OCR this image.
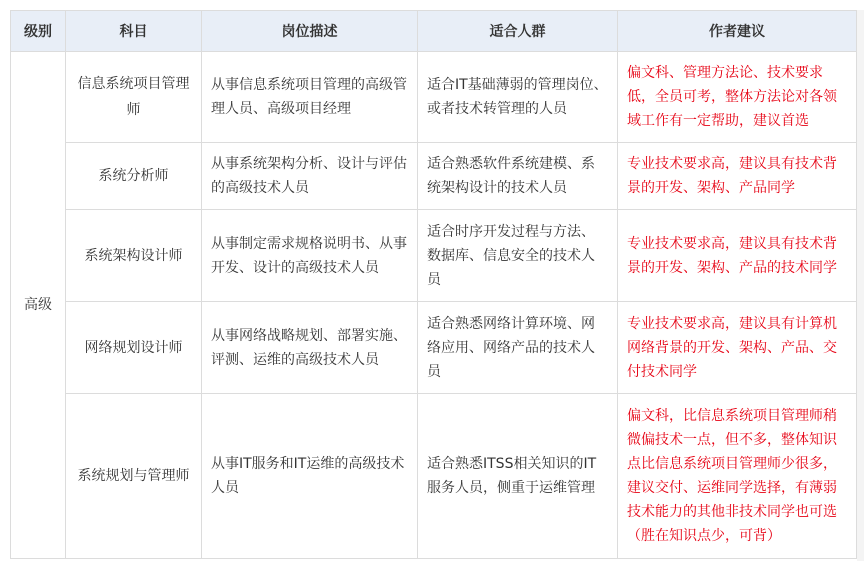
级别	科目	岗位描述	适合人群	作者建议
高级	信息系统项目管理师	从事信息系统项目管理的高级管理人员、高级项目经理	适合IT基础薄弱的管理岗位、或者技术转管理的人员	偏文科、管理方法论、技术要求低，全员可考，整体方法论对各领域工作有一定帮助，建议首选
	系统分析师	从事系统架构分析、设计与评估的高级技术人员	适合熟悉软件系统建模、系统架构设计的技术人员	专业技术要求高，建议具有技术背景的开发、架构、产品同学
	系统架构设计师	从事制定需求规格说明书、从事开发、设计的高级技术人员	适合时序开发过程与方法、数据库、信息安全的技术人员	专业技术要求高，建议具有技术背景的开发、架构、产品的技术同学
	网络规划设计师	从事网络战略规划、部署实施、评测、运维的高级技术人员	适合熟悉网络计算环境、网络应用、网络产品的技术人员	专业技术要求高，建议具有计算机网络背景的开发、架构、产品、交付技术同学
	系统规划与管理师	从事IT服务和IT运维的高级技术人员	适合熟悉ITSS相关知识的IT服务人员，侧重于运维管理	偏文科，比信息系统项目管理师稍微偏技术一点，但不多，整体知识点比信息系统项目管理师少很多，建议交付、运维同学选择，有薄弱技术能力的其他非技术同学也可选（胜在知识点少，可背）
